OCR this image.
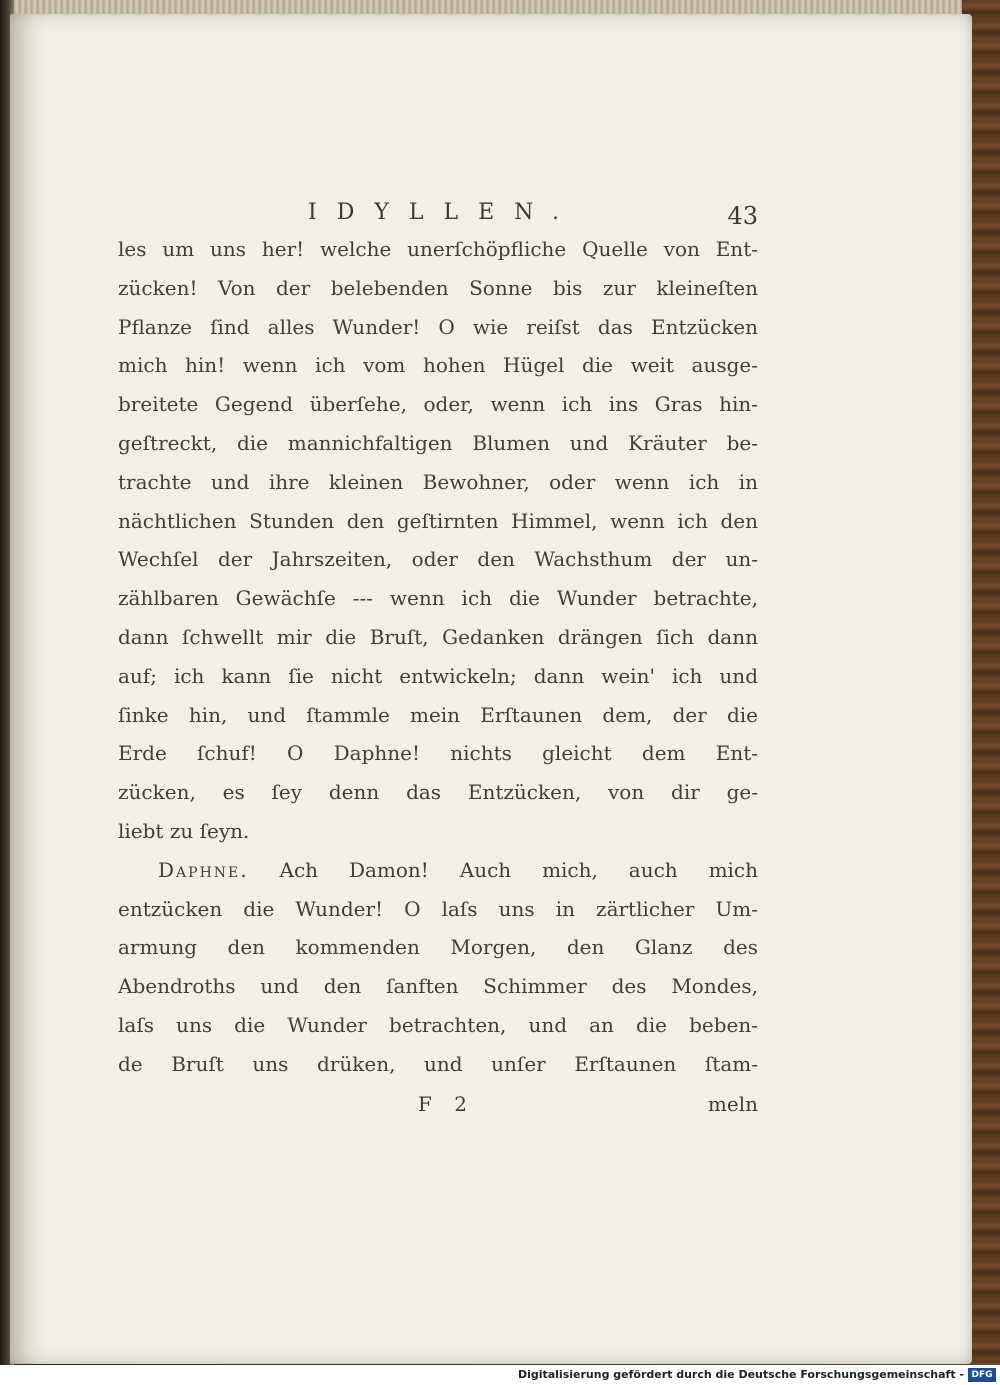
·
·
·
·
·
·
·
IDYLLEN.	43
les um uns her! welche unerſchöpfliche Quelle von Ent-
zücken! Von der belebenden Sonne bis zur kleineſten
Pflanze ſind alles Wunder! O wie reiſst das Entzücken
mich hin! wenn ich vom hohen Hügel die weit ausge-
breitete Gegend überſehe, oder, wenn ich ins Gras hin-
geſtreckt, die mannichfaltigen Blumen und Kräuter be-
trachte und ihre kleinen Bewohner, oder wenn ich in
nächtlichen Stunden den geſtirnten Himmel, wenn ich den
Wechſel der Jahrszeiten, oder den Wachsthum der un-
zählbaren Gewächſe --- wenn ich die Wunder betrachte,
dann ſchwellt mir die Bruſt, Gedanken drängen ſich dann
auf; ich kann ſie nicht entwickeln; dann wein' ich und
ſinke hin, und ſtammle mein Erſtaunen dem, der die
Erde ſchuf! O Daphne! nichts gleicht dem Ent-
zücken, es ſey denn das Entzücken, von dir ge-
liebt zu ſeyn.
Daphne. Ach Damon! Auch mich, auch mich
entzücken die Wunder! O laſs uns in zärtlicher Um-
armung den kommenden Morgen, den Glanz des
Abendroths und den ſanften Schimmer des Mondes,
laſs uns die Wunder betrachten, und an die beben-
de Bruſt uns drüken, und unſer Erſtaunen ſtam-
F 2	meln
Digitalisierung gefördert durch die Deutsche Forschungsgemeinschaft - DFG
